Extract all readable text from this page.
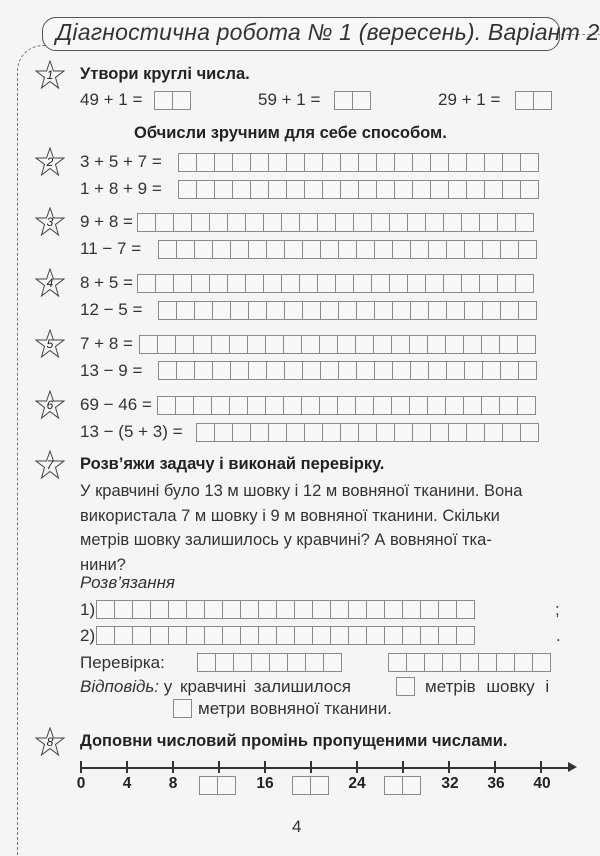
Діагностична робота № 1 (вересень). Варіант 2
1	Утвори круглі числа.
49 + 1 =	59 + 1 =	29 + 1 =
Обчисли зручним для себе способом.
2	3 + 5 + 7 =
1 + 8 + 9 =
3	9 + 8 =
11 − 7 =
4	8 + 5 =
12 − 5 =
5	7 + 8 =
13 − 9 =
6	69 − 46 =
13 − (5 + 3) =
7	Розв’яжи задачу і виконай перевірку.
У кравчині було 13 м шовку і 12 м вовняної тканини. Вона
використала 7 м шовку і 9 м вовняної тканини. Скільки
метрів шовку залишилось у кравчині? А вовняної тка-
нини?
Розв’язання
1)	;
2)	.
Перевірка:
Відповідь: у кравчині залишилося	метрів шовку і
метри вовняної тканини.
8	Доповни числовий промінь пропущеними числами.
0 4 8	16	24	32 36 40
4
